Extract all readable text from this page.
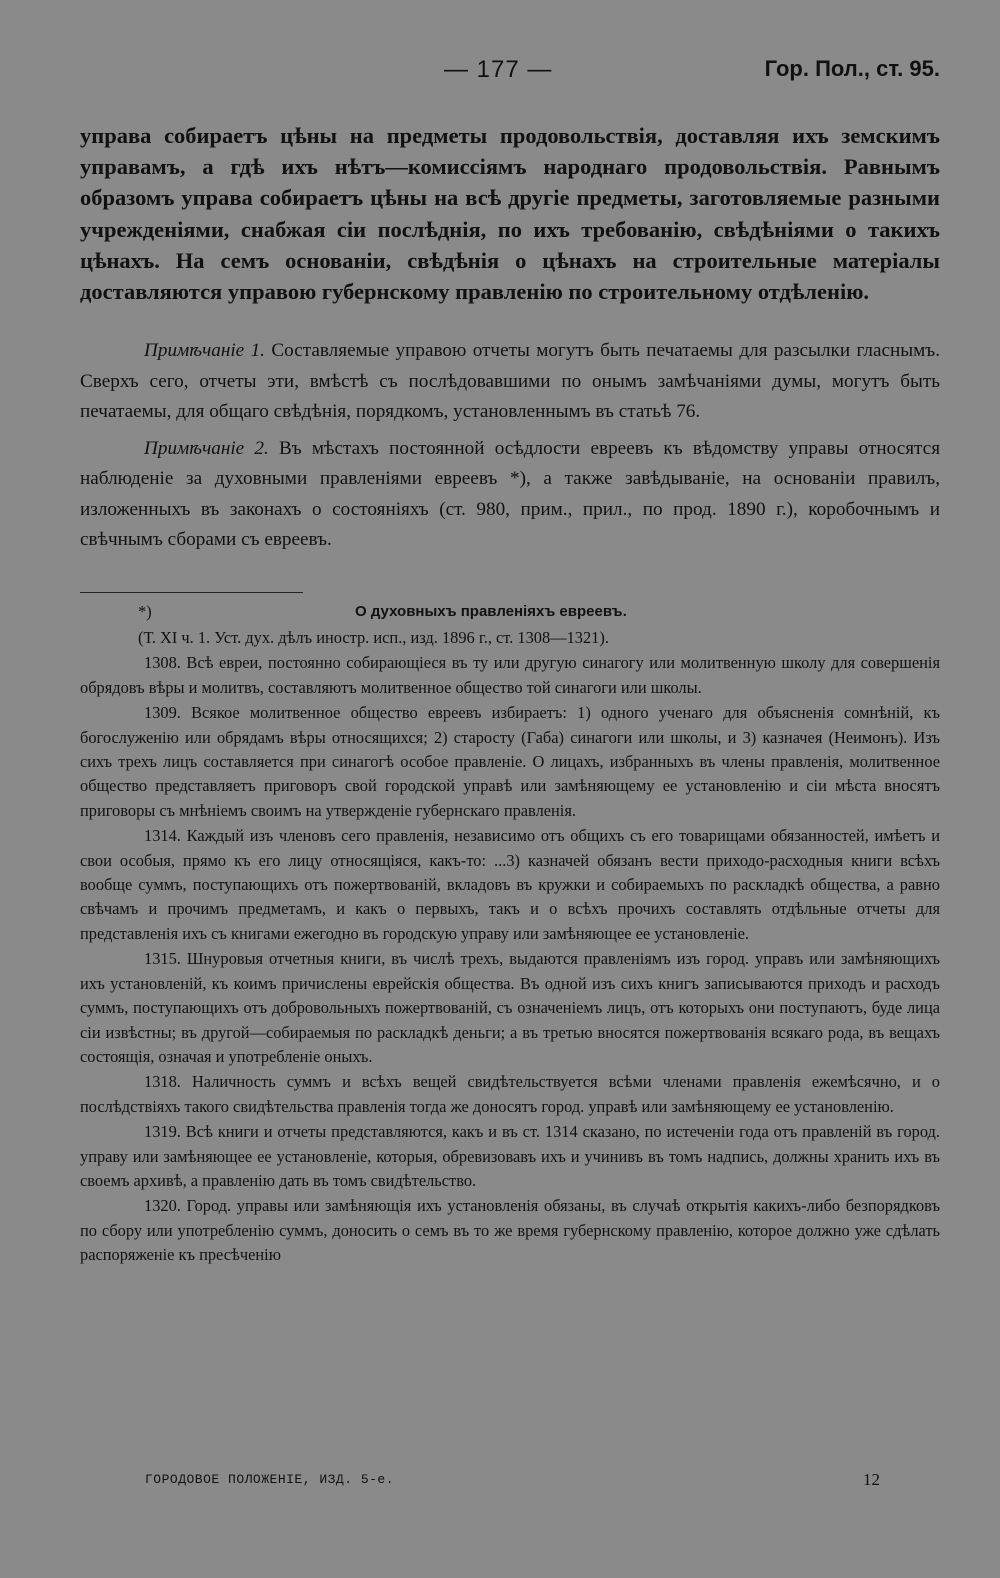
— 177 —	Гор. Пол., ст. 95.

управа собираетъ цѣны на предметы продовольствія, доставляя ихъ земскимъ управамъ, а гдѣ ихъ нѣтъ—комиссіямъ народнаго продовольствія. Равнымъ образомъ управа собираетъ цѣны на всѣ другіе предметы, заготовляемые разными учрежденіями, снабжая сіи послѣднія, по ихъ требованію, свѣдѣніями о такихъ цѣнахъ. На семъ основаніи, свѣдѣнія о цѣнахъ на строительные матеріалы доставляются управою губернскому правленію по строительному отдѣленію.

Примѣчаніе 1. Составляемые управою отчеты могутъ быть печатаемы для разсылки гласнымъ. Сверхъ сего, отчеты эти, вмѣстѣ съ послѣдовавшими по онымъ замѣчаніями думы, могутъ быть печатаемы, для общаго свѣдѣнія, порядкомъ, установленнымъ въ статьѣ 76.

Примѣчаніе 2. Въ мѣстахъ постоянной осѣдлости евреевъ къ вѣдомству управы относятся наблюденіе за духовными правленіями евреевъ *), а также завѣдываніе, на основаніи правилъ, изложенныхъ въ законахъ о состояніяхъ (ст. 980, прим., прил., по прод. 1890 г.), коробочнымъ и свѣчнымъ сборами съ евреевъ.

*)	О духовныхъ правленіяхъ евреевъ.

(Т. XI ч. 1. Уст. дух. дѣлъ иностр. исп., изд. 1896 г., ст. 1308—1321).

1308. Всѣ евреи, постоянно собирающіеся въ ту или другую синагогу или молитвенную школу для совершенія обрядовъ вѣры и молитвъ, составляютъ молитвенное общество той синагоги или школы.

1309. Всякое молитвенное общество евреевъ избираетъ: 1) одного ученаго для объясненія сомнѣній, къ богослуженію или обрядамъ вѣры относящихся; 2) старосту (Габа) синагоги или школы, и 3) казначея (Неимонъ). Изъ сихъ трехъ лицъ составляется при синагогѣ особое правленіе. О лицахъ, избранныхъ въ члены правленія, молитвенное общество представляетъ приговоръ свой городской управѣ или замѣняющему ее установленію и сіи мѣста вносятъ приговоры съ мнѣніемъ своимъ на утвержденіе губернскаго правленія.

1314. Каждый изъ членовъ сего правленія, независимо отъ общихъ съ его товарищами обязанностей, имѣетъ и свои особыя, прямо къ его лицу относящіяся, какъ-то: ...3) казначей обязанъ вести приходо-расходныя книги всѣхъ вообще суммъ, поступающихъ отъ пожертвованій, вкладовъ въ кружки и собираемыхъ по раскладкѣ общества, а равно свѣчамъ и прочимъ предметамъ, и какъ о первыхъ, такъ и о всѣхъ прочихъ составлять отдѣльные отчеты для представленія ихъ съ книгами ежегодно въ городскую управу или замѣняющее ее установленіе.

1315. Шнуровыя отчетныя книги, въ числѣ трехъ, выдаются правленіямъ изъ город. управъ или замѣняющихъ ихъ установленій, къ коимъ причислены еврейскія общества. Въ одной изъ сихъ книгъ записываются приходъ и расходъ суммъ, поступающихъ отъ добровольныхъ пожертвованій, съ означеніемъ лицъ, отъ которыхъ они поступаютъ, буде лица сіи извѣстны; въ другой—собираемыя по раскладкѣ деньги; а въ третью вносятся пожертвованія всякаго рода, въ вещахъ состоящія, означая и употребленіе оныхъ.

1318. Наличность суммъ и всѣхъ вещей свидѣтельствуется всѣми членами правленія ежемѣсячно, и о послѣдствіяхъ такого свидѣтельства правленія тогда же доносятъ город. управѣ или замѣняющему ее установленію.

1319. Всѣ книги и отчеты представляются, какъ и въ ст. 1314 сказано, по истеченіи года отъ правленій въ город. управу или замѣняющее ее установленіе, которыя, обревизовавъ ихъ и учинивъ въ томъ надпись, должны хранить ихъ въ своемъ архивѣ, а правленію дать въ томъ свидѣтельство.

1320. Город. управы или замѣняющія ихъ установленія обязаны, въ случаѣ открытія какихъ-либо безпорядковъ по сбору или употребленію суммъ, доносить о семъ въ то же время губернскому правленію, которое должно уже сдѣлать распоряженіе къ пресѣченію

ГОРОДОВОЕ ПОЛОЖЕНІЕ, ИЗД. 5-е.	12
